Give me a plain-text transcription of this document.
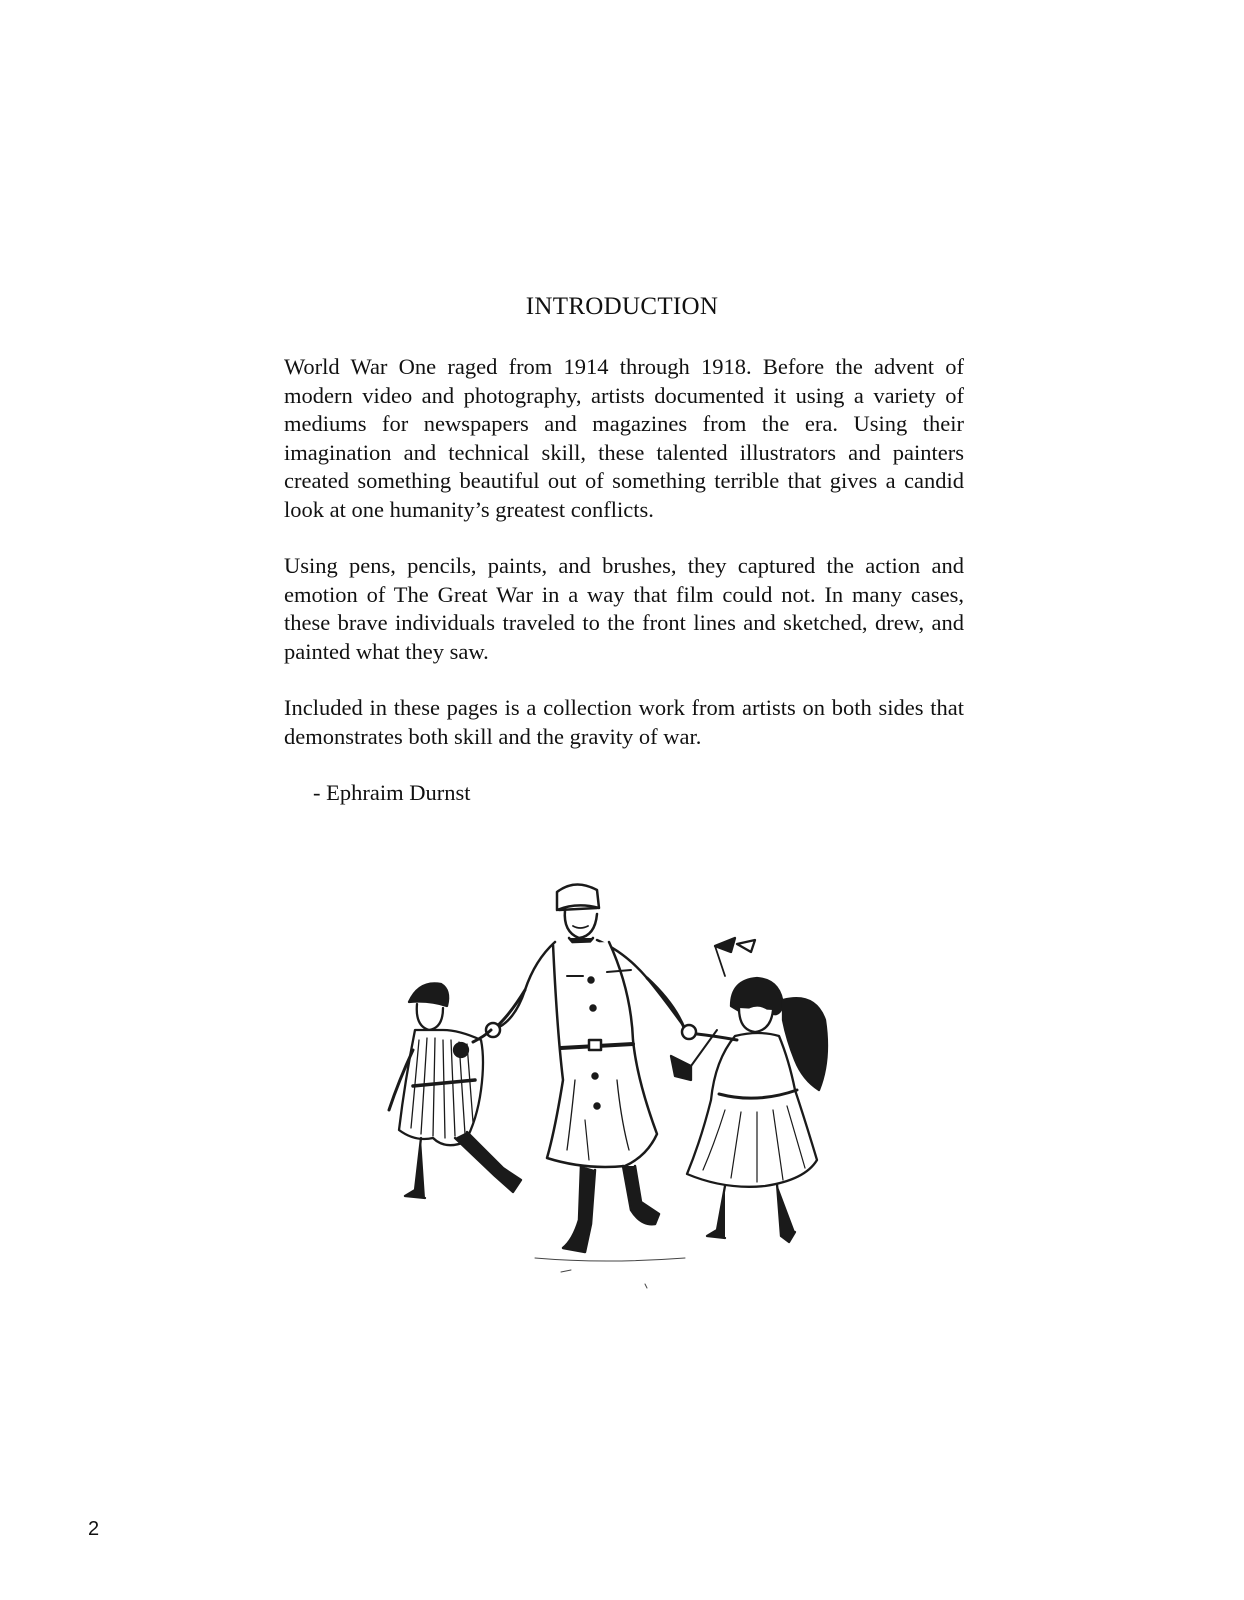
INTRODUCTION

World War One raged from 1914 through 1918. Before the advent of modern video and photography, artists documented it using a variety of mediums for newspapers and magazines from the era. Using their imagination and technical skill, these talented illustrators and painters created something beautiful out of something terrible that gives a candid look at one humanity’s greatest conflicts.

Using pens, pencils, paints, and brushes, they captured the action and emotion of The Great War in a way that film could not. In many cases, these brave individuals traveled to the front lines and sketched, drew, and painted what they saw.

Included in these pages is a collection work from artists on both sides that demonstrates both skill and the gravity of war.

- Ephraim Durnst

2
